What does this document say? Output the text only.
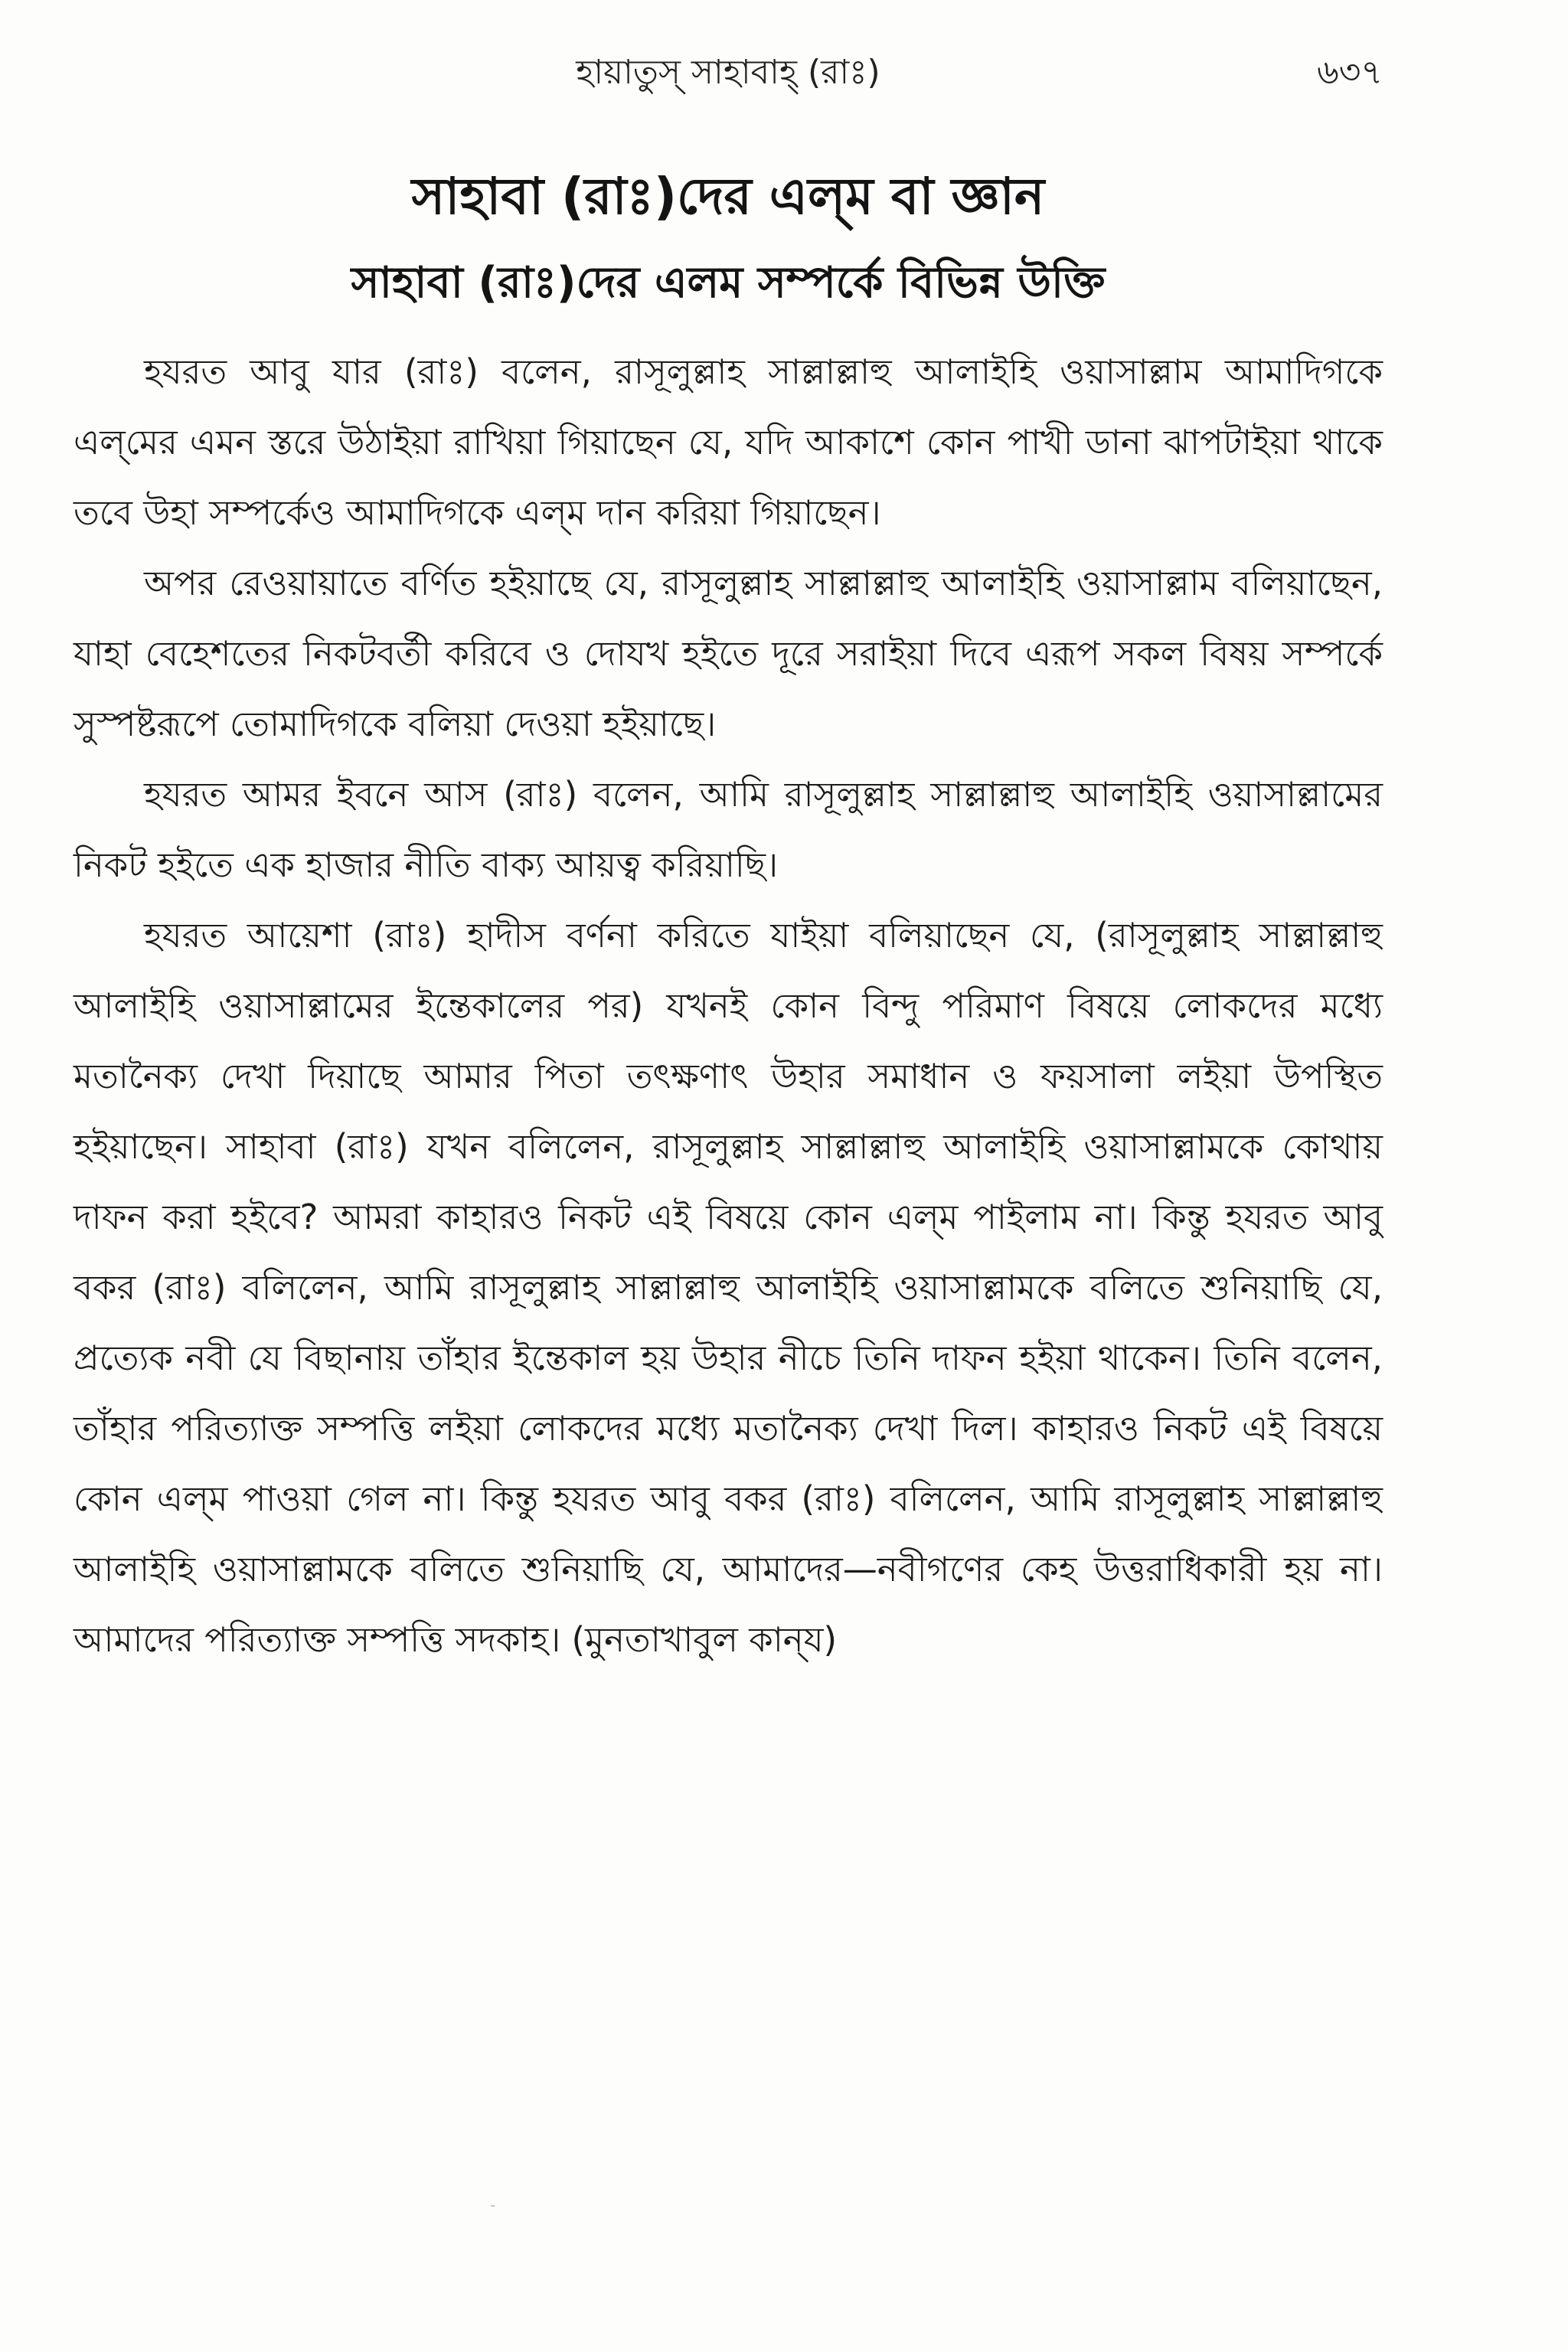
হায়াতুস্ সাহাবাহ্ (রাঃ)	৬৩৭
সাহাবা (রাঃ)দের এল্‌ম বা জ্ঞান
সাহাবা (রাঃ)দের এলম সম্পর্কে বিভিন্ন উক্তি

হযরত আবু যার (রাঃ) বলেন, রাসূলুল্লাহ সাল্লাল্লাহু আলাইহি ওয়াসাল্লাম আমাদিগকে এল্‌মের এমন স্তরে উঠাইয়া রাখিয়া গিয়াছেন যে, যদি আকাশে কোন পাখী ডানা ঝাপটাইয়া থাকে তবে উহা সম্পর্কেও আমাদিগকে এল্‌ম দান করিয়া গিয়াছেন।

অপর রেওয়ায়াতে বর্ণিত হইয়াছে যে, রাসূলুল্লাহ সাল্লাল্লাহু আলাইহি ওয়াসাল্লাম বলিয়াছেন, যাহা বেহেশতের নিকটবর্তী করিবে ও দোযখ হইতে দূরে সরাইয়া দিবে এরূপ সকল বিষয় সম্পর্কে সুস্পষ্টরূপে তোমাদিগকে বলিয়া দেওয়া হইয়াছে।

হযরত আমর ইবনে আস (রাঃ) বলেন, আমি রাসূলুল্লাহ সাল্লাল্লাহু আলাইহি ওয়াসাল্লামের নিকট হইতে এক হাজার নীতি বাক্য আয়ত্ব করিয়াছি।

হযরত আয়েশা (রাঃ) হাদীস বর্ণনা করিতে যাইয়া বলিয়াছেন যে, (রাসূলুল্লাহ সাল্লাল্লাহু আলাইহি ওয়াসাল্লামের ইন্তেকালের পর) যখনই কোন বিন্দু পরিমাণ বিষয়ে লোকদের মধ্যে মতানৈক্য দেখা দিয়াছে আমার পিতা তৎক্ষণাৎ উহার সমাধান ও ফয়সালা লইয়া উপস্থিত হইয়াছেন। সাহাবা (রাঃ) যখন বলিলেন, রাসূলুল্লাহ সাল্লাল্লাহু আলাইহি ওয়াসাল্লামকে কোথায় দাফন করা হইবে? আমরা কাহারও নিকট এই বিষয়ে কোন এল্‌ম পাইলাম না। কিন্তু হযরত আবু বকর (রাঃ) বলিলেন, আমি রাসূলুল্লাহ সাল্লাল্লাহু আলাইহি ওয়াসাল্লামকে বলিতে শুনিয়াছি যে, প্রত্যেক নবী যে বিছানায় তাঁহার ইন্তেকাল হয় উহার নীচে তিনি দাফন হইয়া থাকেন। তিনি বলেন, তাঁহার পরিত্যাক্ত সম্পত্তি লইয়া লোকদের মধ্যে মতানৈক্য দেখা দিল। কাহারও নিকট এই বিষয়ে কোন এল্‌ম পাওয়া গেল না। কিন্তু হযরত আবু বকর (রাঃ) বলিলেন, আমি রাসূলুল্লাহ সাল্লাল্লাহু আলাইহি ওয়াসাল্লামকে বলিতে শুনিয়াছি যে, আমাদের—নবীগণের কেহ উত্তরাধিকারী হয় না। আমাদের পরিত্যাক্ত সম্পত্তি সদকাহ। (মুনতাখাবুল কান্‌য)

-
